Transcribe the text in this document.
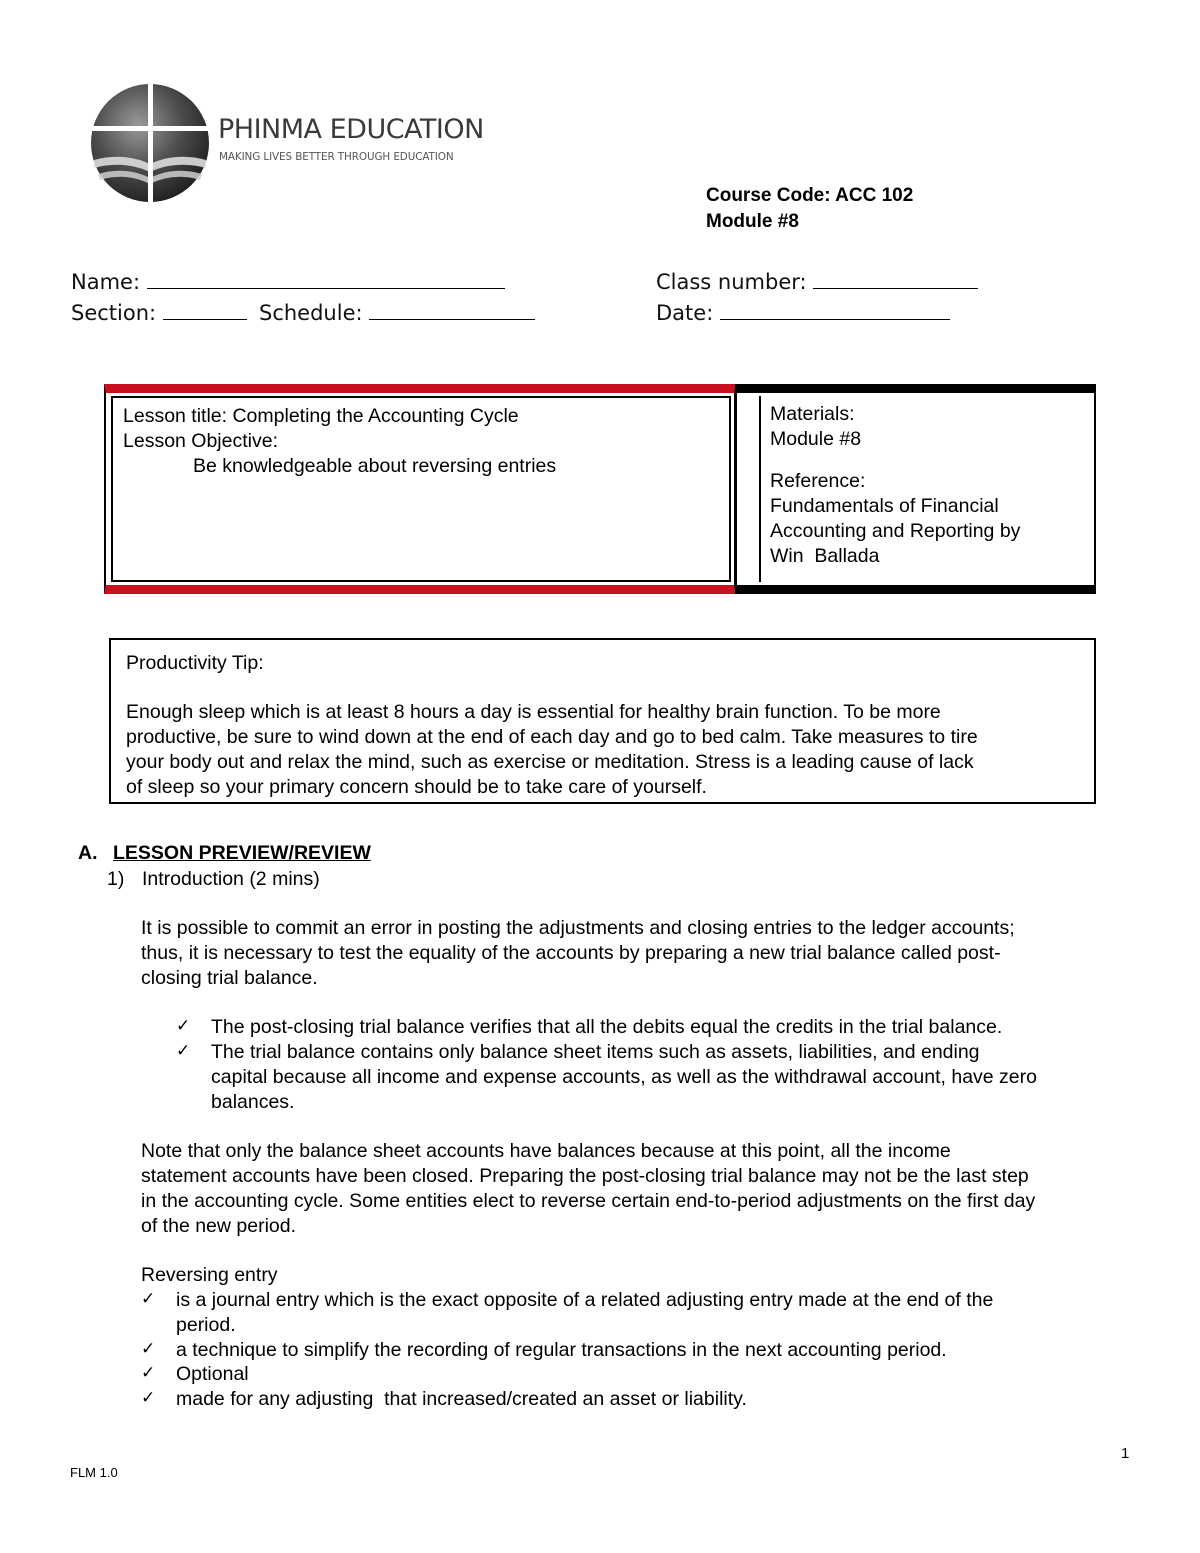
PHINMA EDUCATION
MAKING LIVES BETTER THROUGH EDUCATION
Course Code: ACC 102
Module #8
Name:	Class number:
Section:	Schedule:	Date:
Lesson title: Completing the Accounting Cycle
Lesson Objective:
Be knowledgeable about reversing entries
Materials:
Module #8
Reference:
Fundamentals of Financial
Accounting and Reporting by
Win  Ballada
Productivity Tip:
Enough sleep which is at least 8 hours a day is essential for healthy brain function. To be more
productive, be sure to wind down at the end of each day and go to bed calm. Take measures to tire
your body out and relax the mind, such as exercise or meditation. Stress is a leading cause of lack
of sleep so your primary concern should be to take care of yourself.
A. LESSON PREVIEW/REVIEW
1) Introduction (2 mins)
It is possible to commit an error in posting the adjustments and closing entries to the ledger accounts;
thus, it is necessary to test the equality of the accounts by preparing a new trial balance called post-
closing trial balance.
✓ The post-closing trial balance verifies that all the debits equal the credits in the trial balance.
✓ The trial balance contains only balance sheet items such as assets, liabilities, and ending
capital because all income and expense accounts, as well as the withdrawal account, have zero
balances.
Note that only the balance sheet accounts have balances because at this point, all the income
statement accounts have been closed. Preparing the post-closing trial balance may not be the last step
in the accounting cycle. Some entities elect to reverse certain end-to-period adjustments on the first day
of the new period.
Reversing entry
✓ is a journal entry which is the exact opposite of a related adjusting entry made at the end of the
period.
✓ a technique to simplify the recording of regular transactions in the next accounting period.
✓ Optional
✓ made for any adjusting  that increased/created an asset or liability.
1
FLM 1.0
